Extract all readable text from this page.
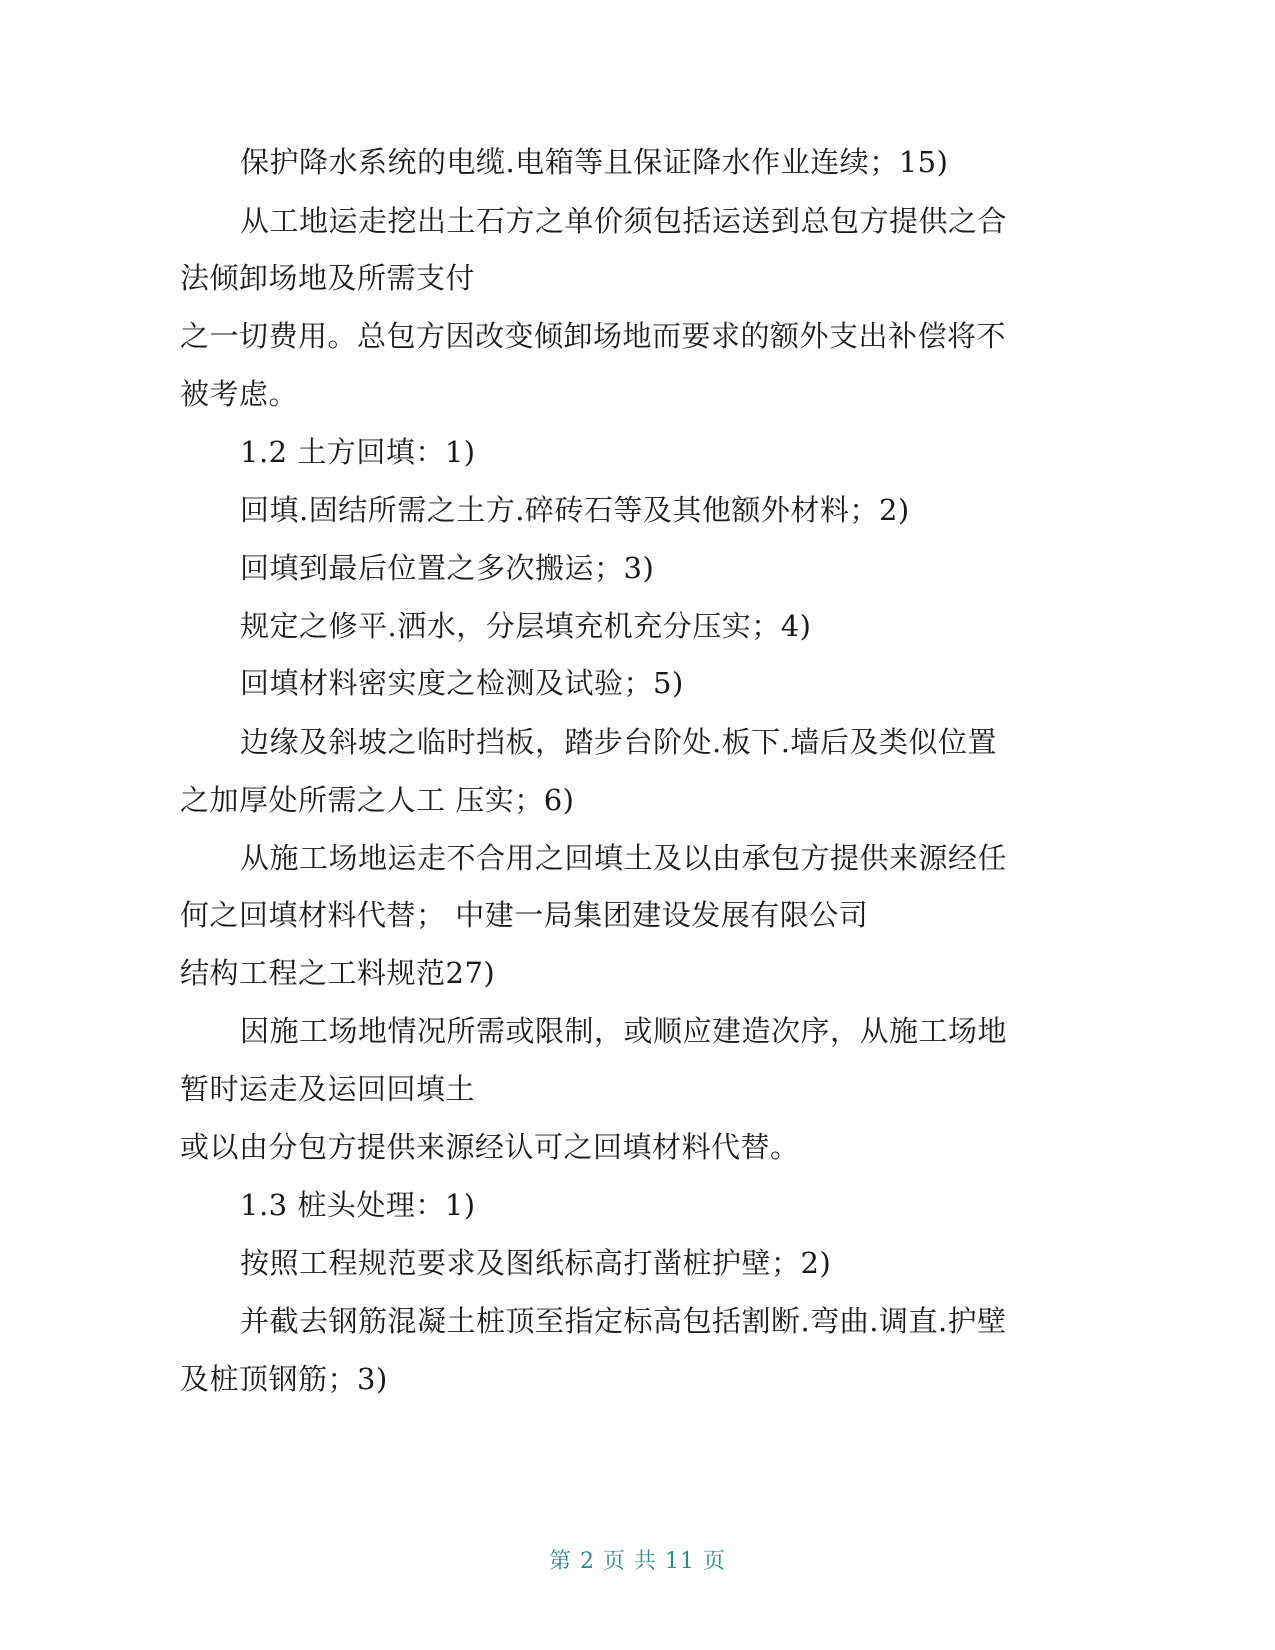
保护降水系统的电缆.电箱等且保证降水作业连续；15)
从工地运走挖出土石方之单价须包括运送到总包方提供之合
法倾卸场地及所需支付
之一切费用。总包方因改变倾卸场地而要求的额外支出补偿将不
被考虑。
1.2 土方回填：1)
回填.固结所需之土方.碎砖石等及其他额外材料；2)
回填到最后位置之多次搬运；3)
规定之修平.洒水，分层填充机充分压实；4)
回填材料密实度之检测及试验；5)
边缘及斜坡之临时挡板，踏步台阶处.板下.墙后及类似位置
之加厚处所需之人工 压实；6)
从施工场地运走不合用之回填土及以由承包方提供来源经任
何之回填材料代替； 中建一局集团建设发展有限公司
结构工程之工料规范27)
因施工场地情况所需或限制，或顺应建造次序，从施工场地
暂时运走及运回回填土
或以由分包方提供来源经认可之回填材料代替。
1.3 桩头处理：1)
按照工程规范要求及图纸标高打凿桩护壁；2)
并截去钢筋混凝土桩顶至指定标高包括割断.弯曲.调直.护壁
及桩顶钢筋；3)
第 2 页 共 11 页
